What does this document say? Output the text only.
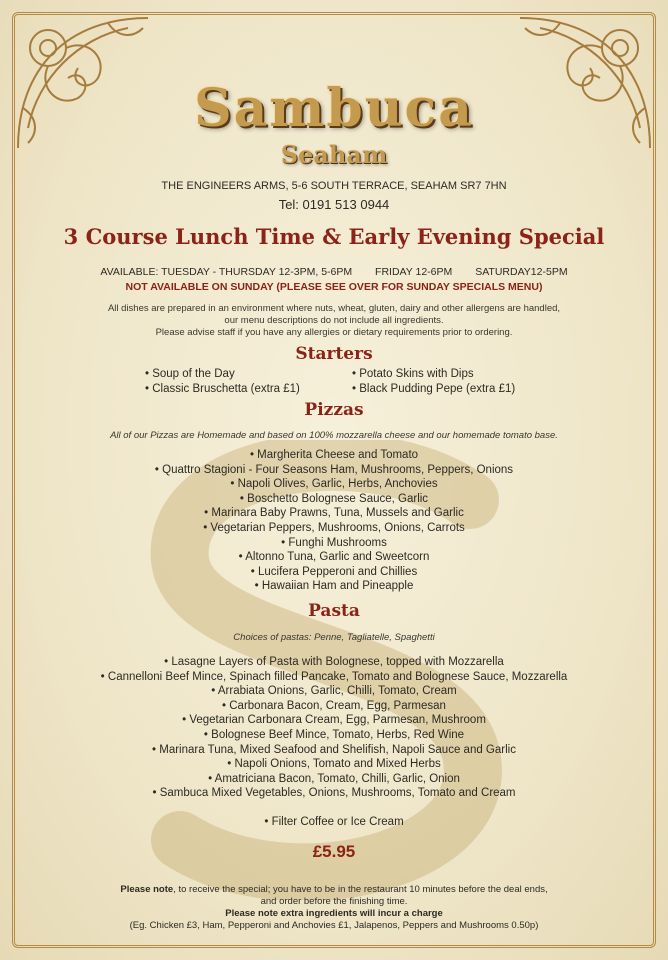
Sambuca
Seaham
THE ENGINEERS ARMS, 5-6 SOUTH TERRACE, SEAHAM SR7 7HN
Tel: 0191 513 0944
3 Course Lunch Time & Early Evening Special
AVAILABLE: TUESDAY - THURSDAY 12-3PM, 5-6PM FRIDAY 12-6PM SATURDAY12-5PM
NOT AVAILABLE ON SUNDAY (PLEASE SEE OVER FOR SUNDAY SPECIALS MENU)
All dishes are prepared in an environment where nuts, wheat, gluten, dairy and other allergens are handled,
our menu descriptions do not include all ingredients.
Please advise staff if you have any allergies or dietary requirements prior to ordering.
Starters
• Soup of the Day
• Classic Bruschetta (extra £1)
• Potato Skins with Dips
• Black Pudding Pepe (extra £1)
Pizzas
All of our Pizzas are Homemade and based on 100% mozzarella cheese and our homemade tomato base.
• Margherita Cheese and Tomato
• Quattro Stagioni - Four Seasons Ham, Mushrooms, Peppers, Onions
• Napoli Olives, Garlic, Herbs, Anchovies
• Boschetto Bolognese Sauce, Garlic
• Marinara Baby Prawns, Tuna, Mussels and Garlic
• Vegetarian Peppers, Mushrooms, Onions, Carrots
• Funghi Mushrooms
• Altonno Tuna, Garlic and Sweetcorn
• Lucifera Pepperoni and Chillies
• Hawaiian Ham and Pineapple
Pasta
Choices of pastas: Penne, Tagliatelle, Spaghetti
• Lasagne Layers of Pasta with Bolognese, topped with Mozzarella
• Cannelloni Beef Mince, Spinach filled Pancake, Tomato and Bolognese Sauce, Mozzarella
• Arrabiata Onions, Garlic, Chilli, Tomato, Cream
• Carbonara Bacon, Cream, Egg, Parmesan
• Vegetarian Carbonara Cream, Egg, Parmesan, Mushroom
• Bolognese Beef Mince, Tomato, Herbs, Red Wine
• Marinara Tuna, Mixed Seafood and Shelifish, Napoli Sauce and Garlic
• Napoli Onions, Tomato and Mixed Herbs
• Amatriciana Bacon, Tomato, Chilli, Garlic, Onion
• Sambuca Mixed Vegetables, Onions, Mushrooms, Tomato and Cream
• Filter Coffee or Ice Cream
£5.95
Please note, to receive the special; you have to be in the restaurant 10 minutes before the deal ends,
and order before the finishing time.
Please note extra ingredients will incur a charge
(Eg. Chicken £3, Ham, Pepperoni and Anchovies £1, Jalapenos, Peppers and Mushrooms 0.50p)
